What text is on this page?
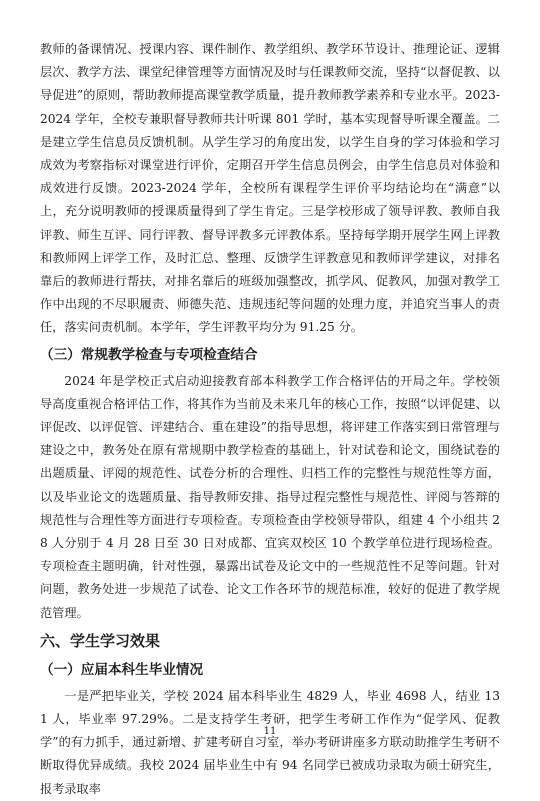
教师的备课情况、授课内容、课件制作、教学组织、教学环节设计、推理论证、逻辑层次、教学方法、课堂纪律管理等方面情况及时与任课教师交流，坚持“以督促教、以导促进”的原则，帮助教师提高课堂教学质量，提升教师教学素养和专业水平。2023-2024 学年，全校专兼职督导教师共计听课 801 学时，基本实现督导听课全覆盖。二是建立学生信息员反馈机制。从学生学习的角度出发，以学生自身的学习体验和学习成效为考察指标对课堂进行评价，定期召开学生信息员例会，由学生信息员对体验和成效进行反馈。2023-2024 学年，全校所有课程学生评价平均结论均在“满意”以上，充分说明教师的授课质量得到了学生肯定。三是学校形成了领导评教、教师自我评教、师生互评、同行评教、督导评教多元评教体系。坚持每学期开展学生网上评教和教师网上评学工作，及时汇总、整理、反馈学生评教意见和教师评学建议，对排名靠后的教师进行帮扶，对排名靠后的班级加强整改，抓学风、促教风，加强对教学工作中出现的不尽职履责、师德失范、违规违纪等问题的处理力度，并追究当事人的责任，落实问责机制。本学年，学生评教平均分为 91.25 分。

（三）常规教学检查与专项检查结合

2024 年是学校正式启动迎接教育部本科教学工作合格评估的开局之年。学校领导高度重视合格评估工作，将其作为当前及未来几年的核心工作，按照“以评促建、以评促改、以评促管、评建结合、重在建设”的指导思想，将评建工作落实到日常管理与建设之中，教务处在原有常规期中教学检查的基础上，针对试卷和论文，围绕试卷的出题质量、评阅的规范性、试卷分析的合理性、归档工作的完整性与规范性等方面，以及毕业论文的选题质量、指导教师安排、指导过程完整性与规范性、评阅与答辩的规范性与合理性等方面进行专项检查。专项检查由学校领导带队，组建 4 个小组共 28 人分别于 4 月 28 日至 30 日对成都、宜宾双校区 10 个教学单位进行现场检查。专项检查主题明确，针对性强，暴露出试卷及论文中的一些规范性不足等问题。针对问题，教务处进一步规范了试卷、论文工作各环节的规范标准，较好的促进了教学规范管理。

六、学生学习效果
（一）应届本科生毕业情况

一是严把毕业关，学校 2024 届本科毕业生 4829 人，毕业 4698 人，结业 131 人，毕业率 97.29%。二是支持学生考研，把学生考研工作作为“促学风、促教学”的有力抓手，通过新增、扩建考研自习室，举办考研讲座多方联动助推学生考研不断取得优异成绩。我校 2024 届毕业生中有 94 名同学已被成功录取为硕士研究生，报考录取率

11
